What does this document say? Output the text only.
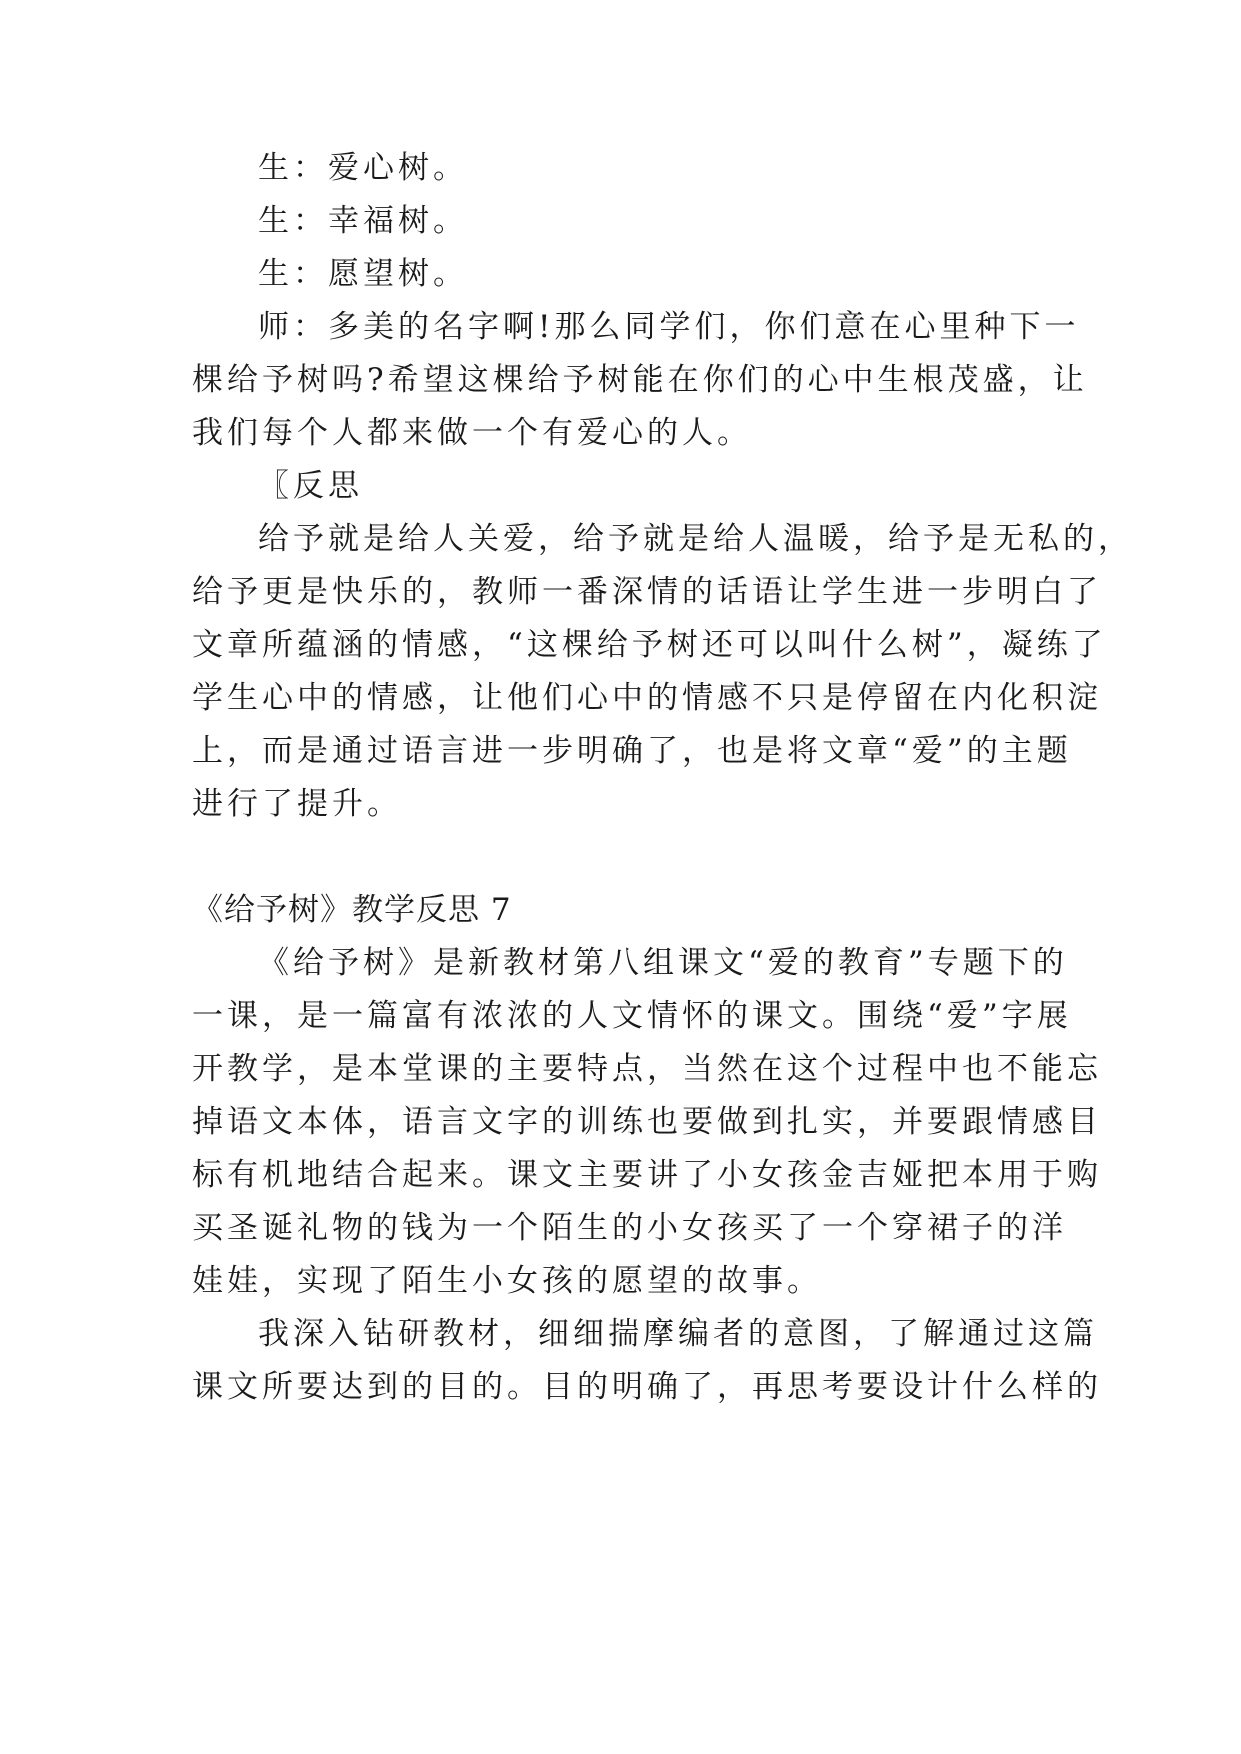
生：爱心树。
生：幸福树。
生：愿望树。
师：多美的名字啊!那么同学们，你们意在心里种下一
棵给予树吗?希望这棵给予树能在你们的心中生根茂盛，让
我们每个人都来做一个有爱心的人。
〖反思
给予就是给人关爱，给予就是给人温暖，给予是无私的，
给予更是快乐的，教师一番深情的话语让学生进一步明白了
文章所蕴涵的情感，“这棵给予树还可以叫什么树”，凝练了
学生心中的情感，让他们心中的情感不只是停留在内化积淀
上，而是通过语言进一步明确了，也是将文章“爱”的主题
进行了提升。
《给予树》教学反思 7
《给予树》是新教材第八组课文“爱的教育”专题下的
一课，是一篇富有浓浓的人文情怀的课文。围绕“爱”字展
开教学，是本堂课的主要特点，当然在这个过程中也不能忘
掉语文本体，语言文字的训练也要做到扎实，并要跟情感目
标有机地结合起来。课文主要讲了小女孩金吉娅把本用于购
买圣诞礼物的钱为一个陌生的小女孩买了一个穿裙子的洋
娃娃，实现了陌生小女孩的愿望的故事。
我深入钻研教材，细细揣摩编者的意图，了解通过这篇
课文所要达到的目的。目的明确了，再思考要设计什么样的
